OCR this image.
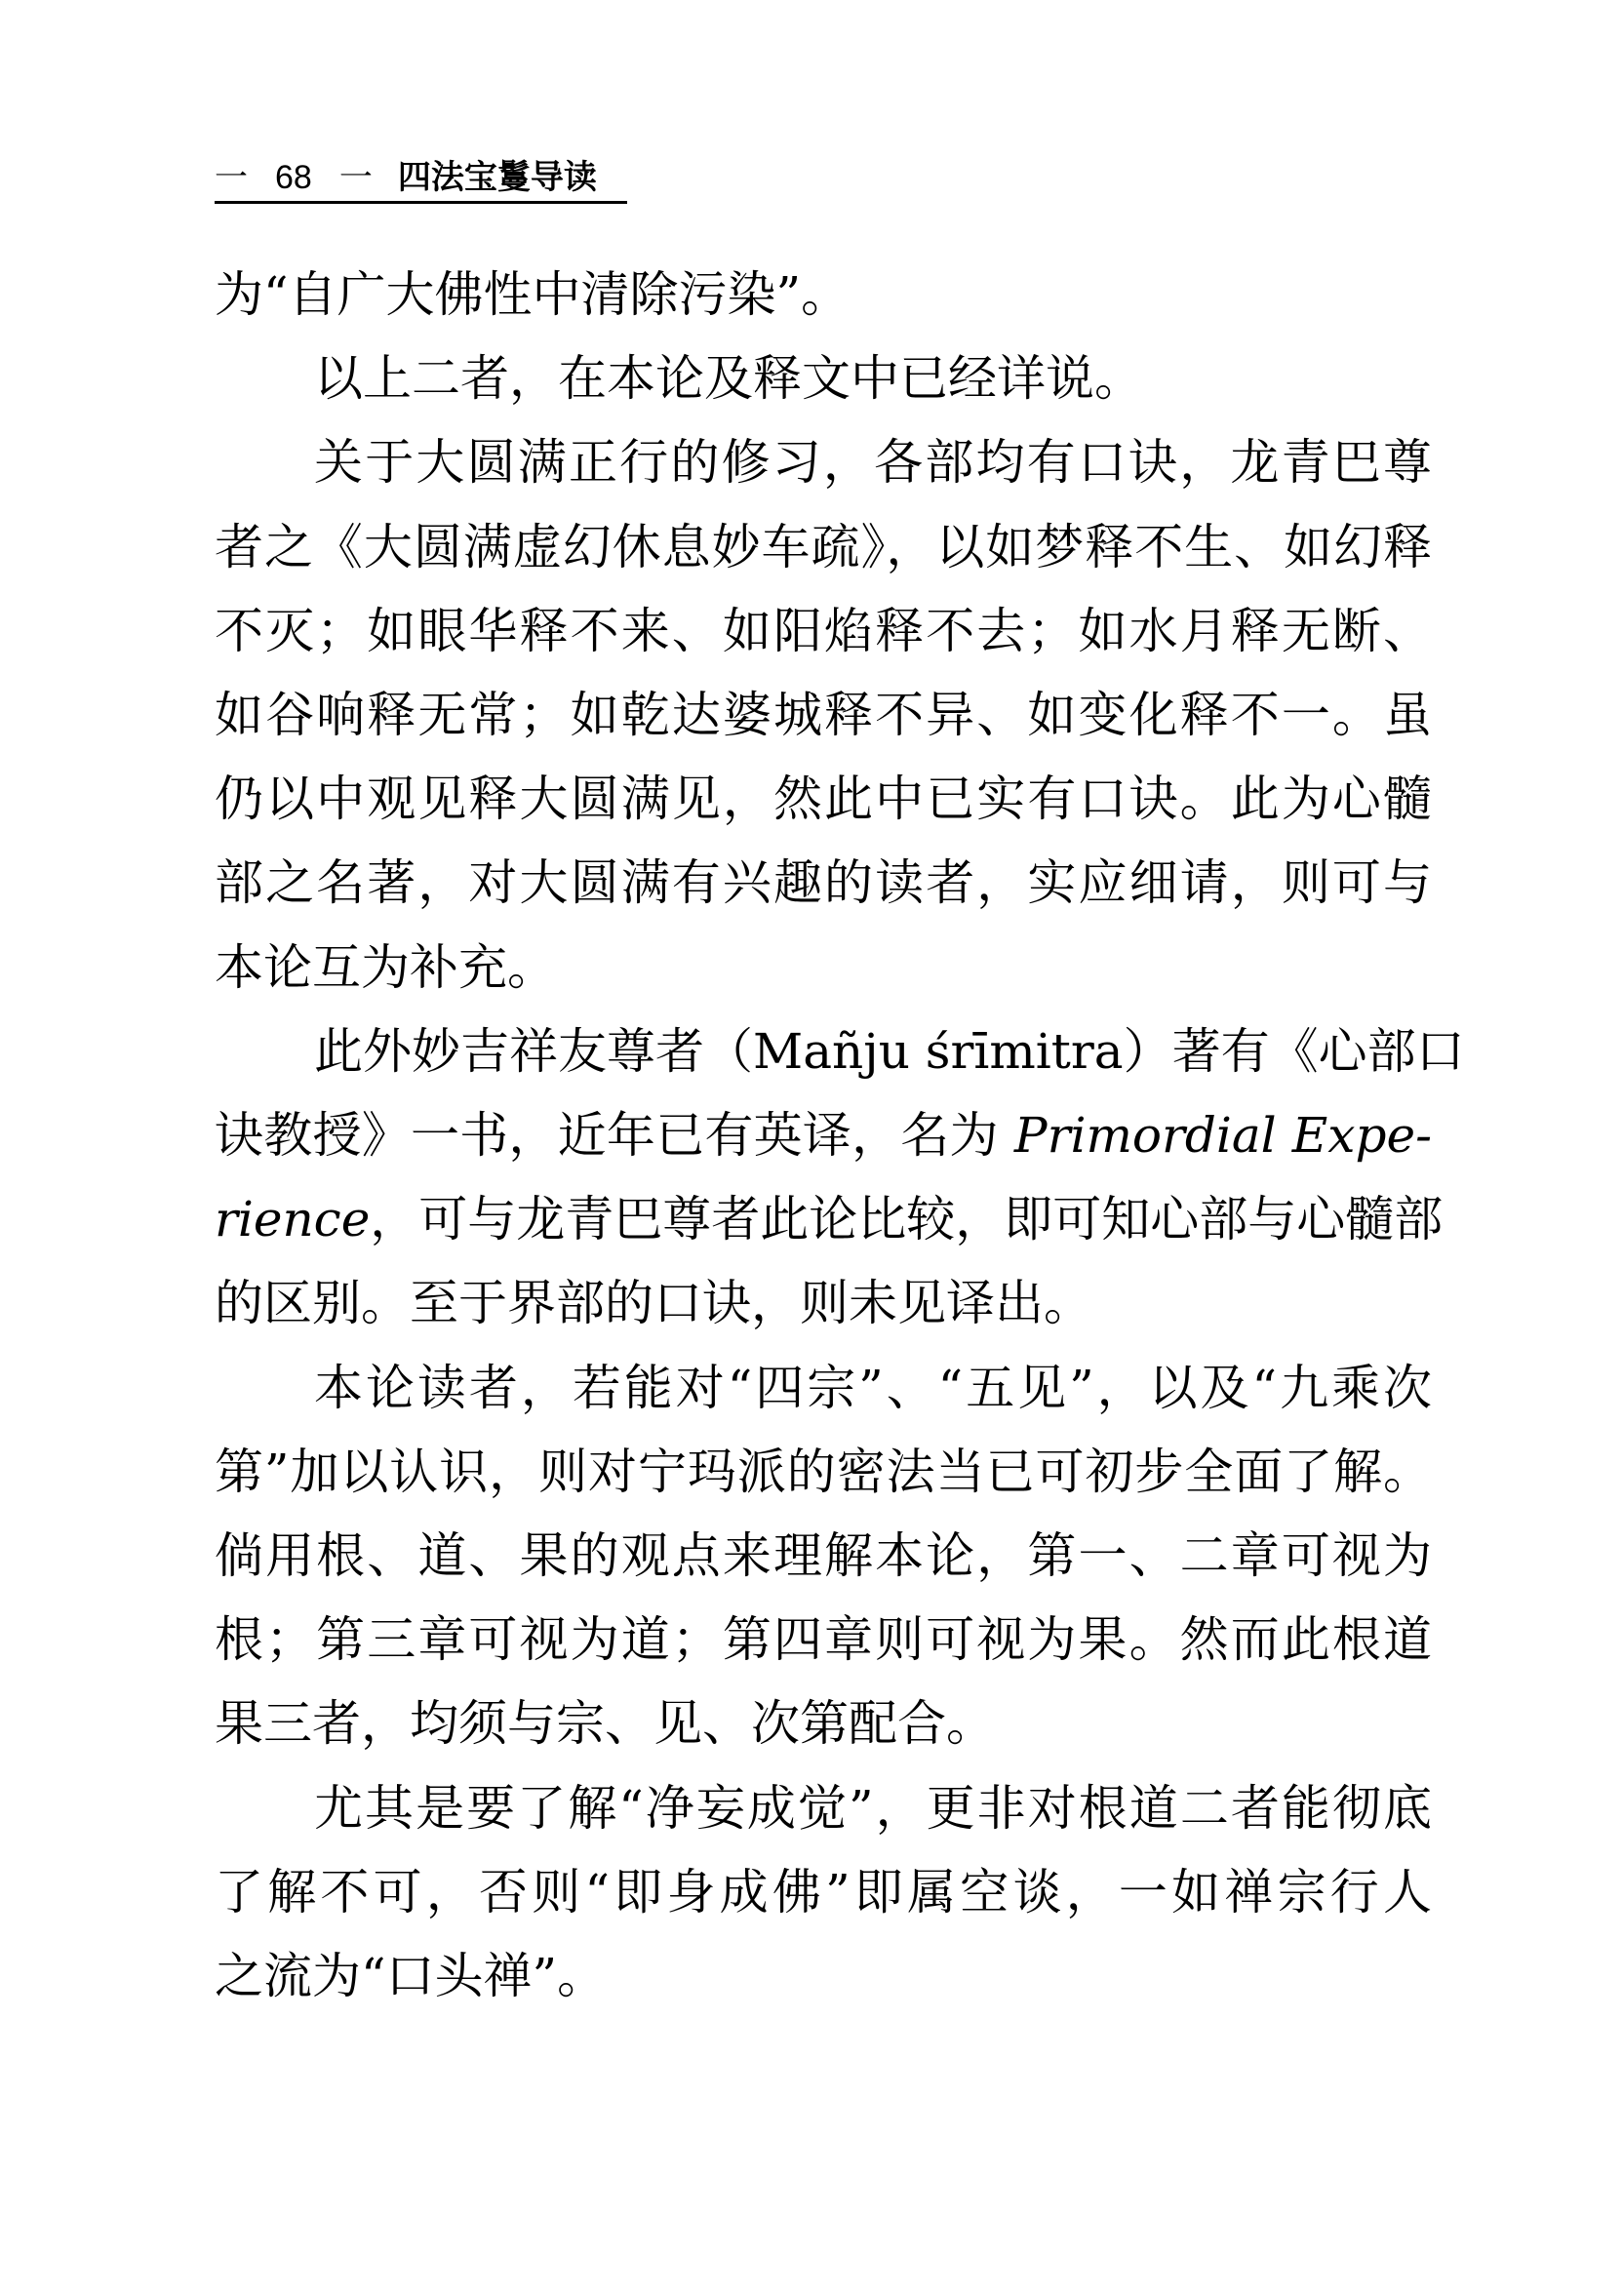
一 68 一 四法宝鬘导读
为“自广大佛性中清除污染”。
以上二者，在本论及释文中已经详说。
关于大圆满正行的修习，各部均有口诀，龙青巴尊
者之《大圆满虚幻休息妙车疏》，以如梦释不生、如幻释
不灭；如眼华释不来、如阳焰释不去；如水月释无断、
如谷响释无常；如乾达婆城释不异、如变化释不一。虽
仍以中观见释大圆满见，然此中已实有口诀。此为心髓
部之名著，对大圆满有兴趣的读者，实应细请，则可与
本论互为补充。
此外妙吉祥友尊者（Mañju śrīmitra）著有《心部口
诀教授》一书，近年已有英译，名为 Primordial Expe-
rience，可与龙青巴尊者此论比较，即可知心部与心髓部
的区别。至于界部的口诀，则未见译出。
本论读者，若能对“四宗”、“五见”，以及“九乘次
第”加以认识，则对宁玛派的密法当已可初步全面了解。
倘用根、道、果的观点来理解本论，第一、二章可视为
根；第三章可视为道；第四章则可视为果。然而此根道
果三者，均须与宗、见、次第配合。
尤其是要了解“净妄成觉”，更非对根道二者能彻底
了解不可，否则“即身成佛”即属空谈，一如禅宗行人
之流为“口头禅”。
